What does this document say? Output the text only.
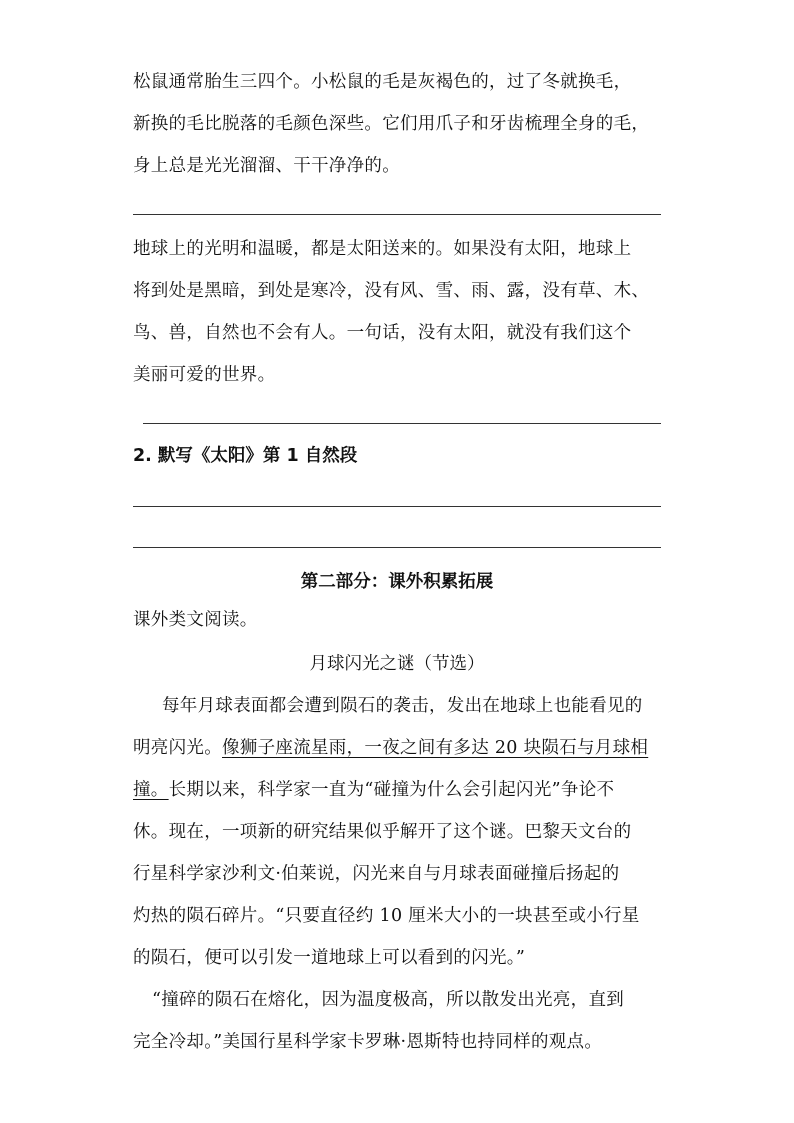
松鼠通常胎生三四个。小松鼠的毛是灰褐色的，过了冬就换毛，
新换的毛比脱落的毛颜色深些。它们用爪子和牙齿梳理全身的毛，
身上总是光光溜溜、干干净净的。
地球上的光明和温暖，都是太阳送来的。如果没有太阳，地球上
将到处是黑暗，到处是寒冷，没有风、雪、雨、露，没有草、木、
鸟、兽，自然也不会有人。一句话，没有太阳，就没有我们这个
美丽可爱的世界。
2. 默写《太阳》第 1 自然段
第二部分：课外积累拓展
课外类文阅读。
月球闪光之谜（节选）
每年月球表面都会遭到陨石的袭击，发出在地球上也能看见的
明亮闪光。像狮子座流星雨，一夜之间有多达 20 块陨石与月球相
撞。长期以来，科学家一直为“碰撞为什么会引起闪光”争论不
休。现在，一项新的研究结果似乎解开了这个谜。巴黎天文台的
行星科学家沙利文·伯莱说，闪光来自与月球表面碰撞后扬起的
灼热的陨石碎片。“只要直径约 10 厘米大小的一块甚至或小行星
的陨石，便可以引发一道地球上可以看到的闪光。”
“撞碎的陨石在熔化，因为温度极高，所以散发出光亮，直到
完全冷却。”美国行星科学家卡罗琳·恩斯特也持同样的观点。
